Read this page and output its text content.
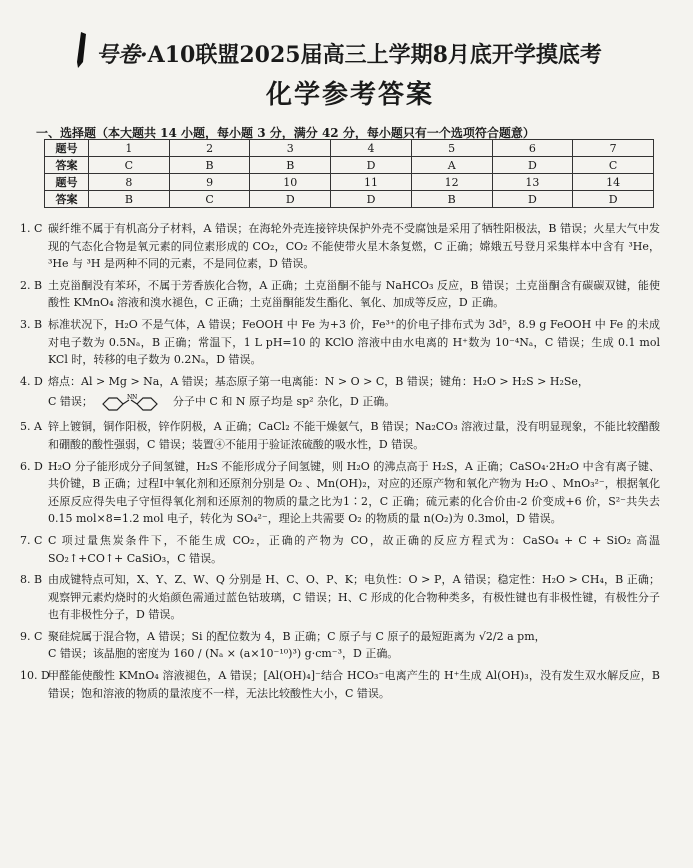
号卷·A10联盟2025届高三上学期8月底开学摸底考
化学参考答案
一、选择题（本大题共 14 小题，每小题 3 分，满分 42 分，每小题只有一个选项符合题意）
题号	1	2	3	4	5	6	7
答案	C	B	B	D	A	D	C
题号	8	9	10	11	12	13	14
答案	B	C	D	D	B	D	D
1. C 碳纤维不属于有机高分子材料，A 错误；在海轮外壳连接锌块保护外壳不受腐蚀是采用了牺牲阳极法，B 错误；火星大气中发现的气态化合物是氧元素的同位素形成的 CO₂，CO₂ 不能使带火星木条复燃，C 正确；嫦娥五号登月采集样本中含有 ³He，³He 与 ³H 是两种不同的元素，不是同位素，D 错误。
2. B 土克甾酮没有苯环，不属于芳香族化合物，A 正确；土克甾酮不能与 NaHCO₃ 反应，B 错误；土克甾酮含有碳碳双键，能使酸性 KMnO₄ 溶液和溴水褪色，C 正确；土克甾酮能发生酯化、氧化、加成等反应，D 正确。
3. B 标准状况下，H₂O 不是气体，A 错误；FeOOH 中 Fe 为+3 价，Fe³⁺的价电子排布式为 3d⁵，8.9 g FeOOH 中 Fe 的未成对电子数为 0.5Nₐ，B 正确；常温下，1 L pH=10 的 KClO 溶液中由水电离的 H⁺数为 10⁻⁴Nₐ，C 错误；生成 0.1 mol KCl 时，转移的电子数为 0.2Nₐ，D 错误。
4. D 熔点：Al > Mg > Na，A 错误；基态原子第一电离能：N > O > C，B 错误；键角：H₂O > H₂S > H₂Se，
C 错误；	N N	分子中 C 和 N 原子均是 sp² 杂化，D 正确。
5. A 锌上镀铜，铜作阳极，锌作阴极，A 正确；CaCl₂ 不能干燥氨气，B 错误；Na₂CO₃ 溶液过量，没有明显现象，不能比较醋酸和硼酸的酸性强弱，C 错误；装置④不能用于验证浓硫酸的吸水性，D 错误。
6. D H₂O 分子能形成分子间氢键，H₂S 不能形成分子间氢键，则 H₂O 的沸点高于 H₂S，A 正确；CaSO₄·2H₂O 中含有离子键、共价键，B 正确；过程Ⅰ中氧化剂和还原剂分别是 O₂ 、Mn(OH)₂，对应的还原产物和氧化产物为 H₂O 、MnO₃²⁻，根据氧化还原反应得失电子守恒得氧化剂和还原剂的物质的量之比为1∶2，C 正确；硫元素的化合价由-2 价变成+6 价，S²⁻共失去 0.15 mol×8=1.2 mol 电子，转化为 SO₄²⁻，理论上共需要 O₂ 的物质的量 n(O₂)为 0.3mol，D 错误。
7. C C 项过量焦炭条件下，不能生成 CO₂，正确的产物为 CO，故正确的反应方程式为：CaSO₄ + C + SiO₂ 高温 SO₂↑+CO↑+ CaSiO₃，C 错误。
8. B 由成键特点可知，X、Y、Z、W、Q 分别是 H、C、O、P、K；电负性：O > P，A 错误；稳定性：H₂O > CH₄，B 正确；观察钾元素灼烧时的火焰颜色需通过蓝色钴玻璃，C 错误；H、C 形成的化合物种类多，有极性键也有非极性键，有极性分子也有非极性分子，D 错误。
9. C 聚硅烷属于混合物，A 错误；Si 的配位数为 4，B 正确；C 原子与 C 原子的最短距离为 √2/2 a pm，
C 错误；该晶胞的密度为 160 / (Nₐ × (a×10⁻¹⁰)³) g·cm⁻³，D 正确。
10. D
甲醛能使酸性 KMnO₄ 溶液褪色，A 错误；[Al(OH)₄]⁻结合 HCO₃⁻电离产生的 H⁺生成 Al(OH)₃，没有发生双水解反应，B 错误；饱和溶液的物质的量浓度不一样，无法比较酸性大小，C 错误。
